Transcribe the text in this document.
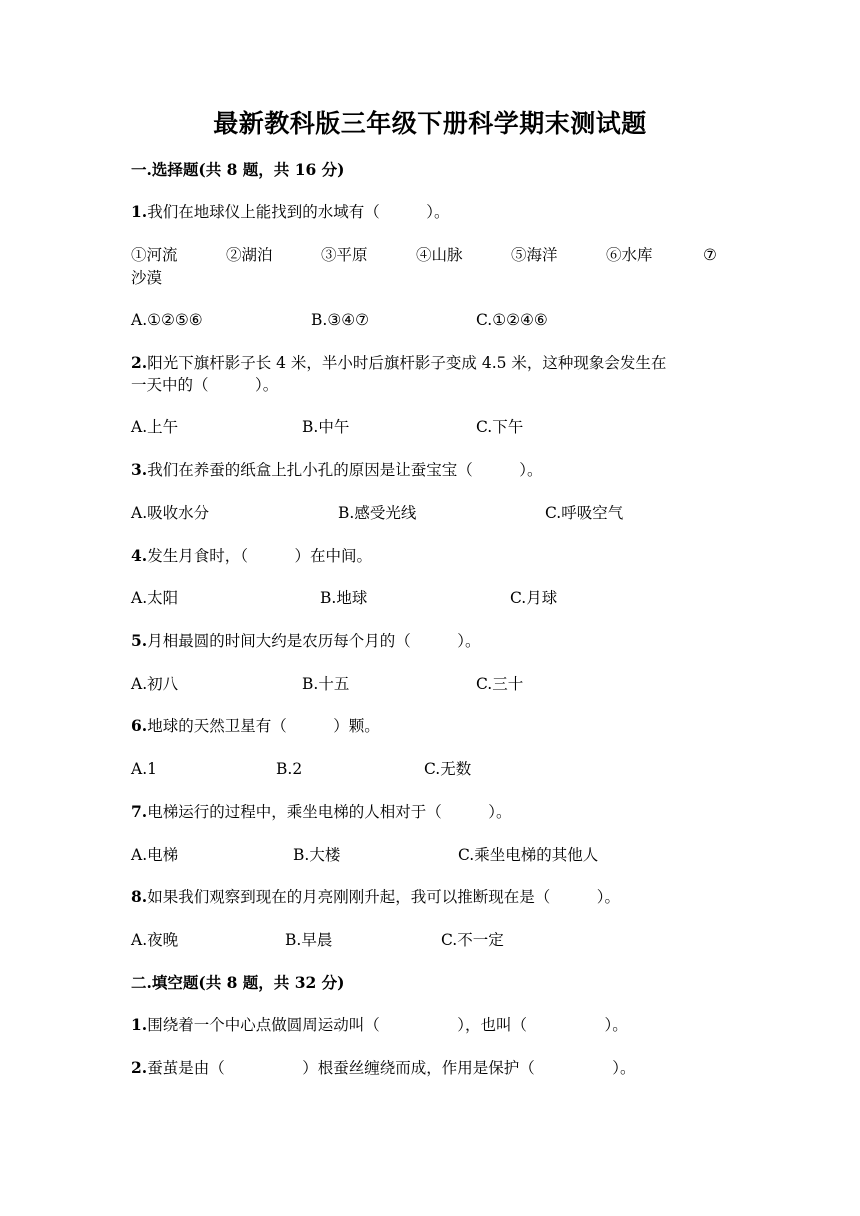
最新教科版三年级下册科学期末测试题
一.选择题(共 8 题，共 16 分)
1.我们在地球仪上能找到的水域有（　　　）。
①河流	②湖泊	③平原	④山脉	⑤海洋	⑥水库	⑦
沙漠
A.①②⑤⑥	B.③④⑦	C.①②④⑥
2.阳光下旗杆影子长 4 米，半小时后旗杆影子变成 4.5 米，这种现象会发生在
一天中的（　　　）。
A.上午	B.中午	C.下午
3.我们在养蚕的纸盒上扎小孔的原因是让蚕宝宝（　　　）。
A.吸收水分	B.感受光线	C.呼吸空气
4.发生月食时，（　　　）在中间。
A.太阳	B.地球	C.月球
5.月相最圆的时间大约是农历每个月的（　　　）。
A.初八	B.十五	C.三十
6.地球的天然卫星有（　　　）颗。
A.1	B.2	C.无数
7.电梯运行的过程中，乘坐电梯的人相对于（　　　）。
A.电梯	B.大楼	C.乘坐电梯的其他人
8.如果我们观察到现在的月亮刚刚升起，我可以推断现在是（　　　）。
A.夜晚	B.早晨	C.不一定
二.填空题(共 8 题，共 32 分)
1.围绕着一个中心点做圆周运动叫（　　　　　），也叫（　　　　　）。
2.蚕茧是由（　　　　　）根蚕丝缠绕而成，作用是保护（　　　　　）。
